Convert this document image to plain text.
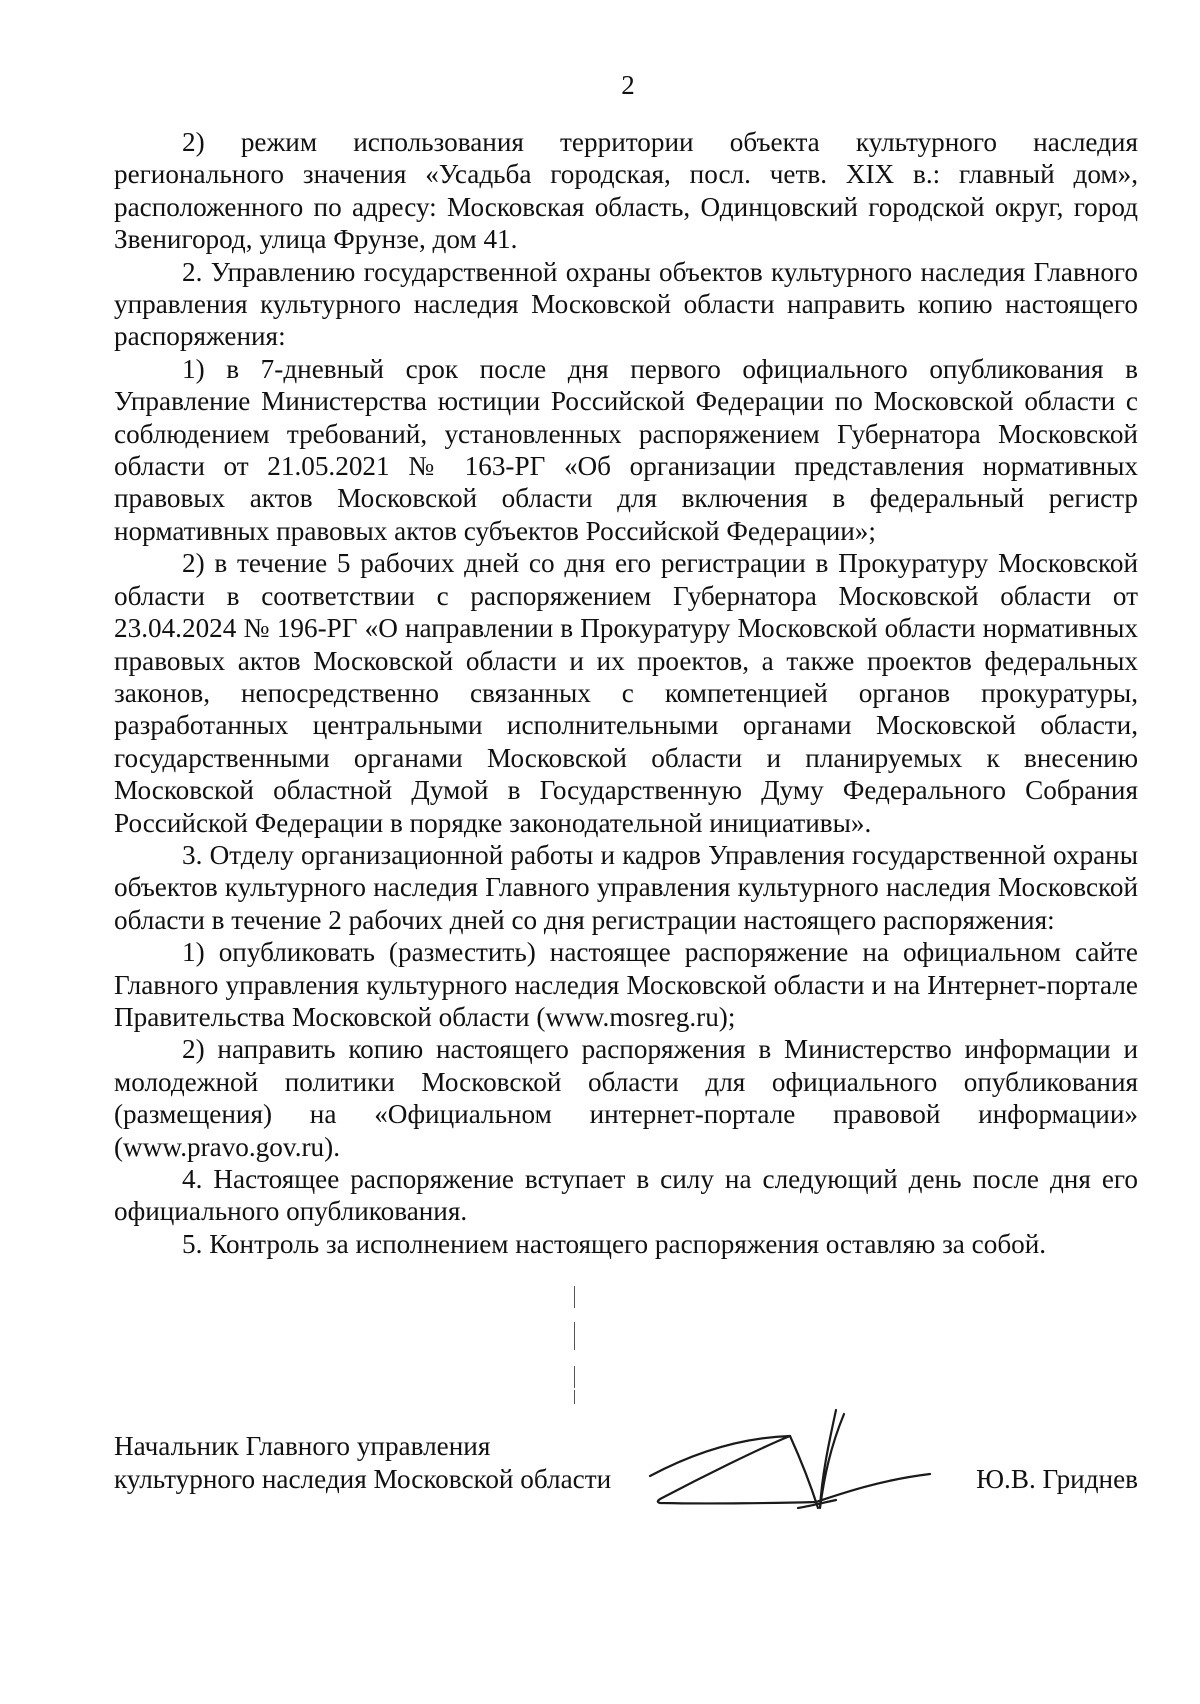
2

2) режим использования территории объекта культурного наследия регионального значения «Усадьба городская, посл. четв. XIX в.: главный дом», расположенного по адресу: Московская область, Одинцовский городской округ, город Звенигород, улица Фрунзе, дом 41.

2. Управлению государственной охраны объектов культурного наследия Главного управления культурного наследия Московской области направить копию настоящего распоряжения:

1) в 7-дневный срок после дня первого официального опубликования в Управление Министерства юстиции Российской Федерации по Московской области с соблюдением требований, установленных распоряжением Губернатора Московской области от 21.05.2021 № 163-РГ «Об организации представления нормативных правовых актов Московской области для включения в федеральный регистр нормативных правовых актов субъектов Российской Федерации»;

2) в течение 5 рабочих дней со дня его регистрации в Прокуратуру Московской области в соответствии с распоряжением Губернатора Московской области от 23.04.2024 № 196-РГ «О направлении в Прокуратуру Московской области нормативных правовых актов Московской области и их проектов, а также проектов федеральных законов, непосредственно связанных с компетенцией органов прокуратуры, разработанных центральными исполнительными органами Московской области, государственными органами Московской области и планируемых к внесению Московской областной Думой в Государственную Думу Федерального Собрания Российской Федерации в порядке законодательной инициативы».

3. Отделу организационной работы и кадров Управления государственной охраны объектов культурного наследия Главного управления культурного наследия Московской области в течение 2 рабочих дней со дня регистрации настоящего распоряжения:

1) опубликовать (разместить) настоящее распоряжение на официальном сайте Главного управления культурного наследия Московской области и на Интернет-портале Правительства Московской области (www.mosreg.ru);

2) направить копию настоящего распоряжения в Министерство информации и молодежной политики Московской области для официального опубликования (размещения) на «Официальном интернет-портале правовой информации» (www.pravo.gov.ru).

4. Настоящее распоряжение вступает в силу на следующий день после дня его официального опубликования.

5. Контроль за исполнением настоящего распоряжения оставляю за собой.

Начальник Главного управления
культурного наследия Московской области	Ю.В. Гриднев
